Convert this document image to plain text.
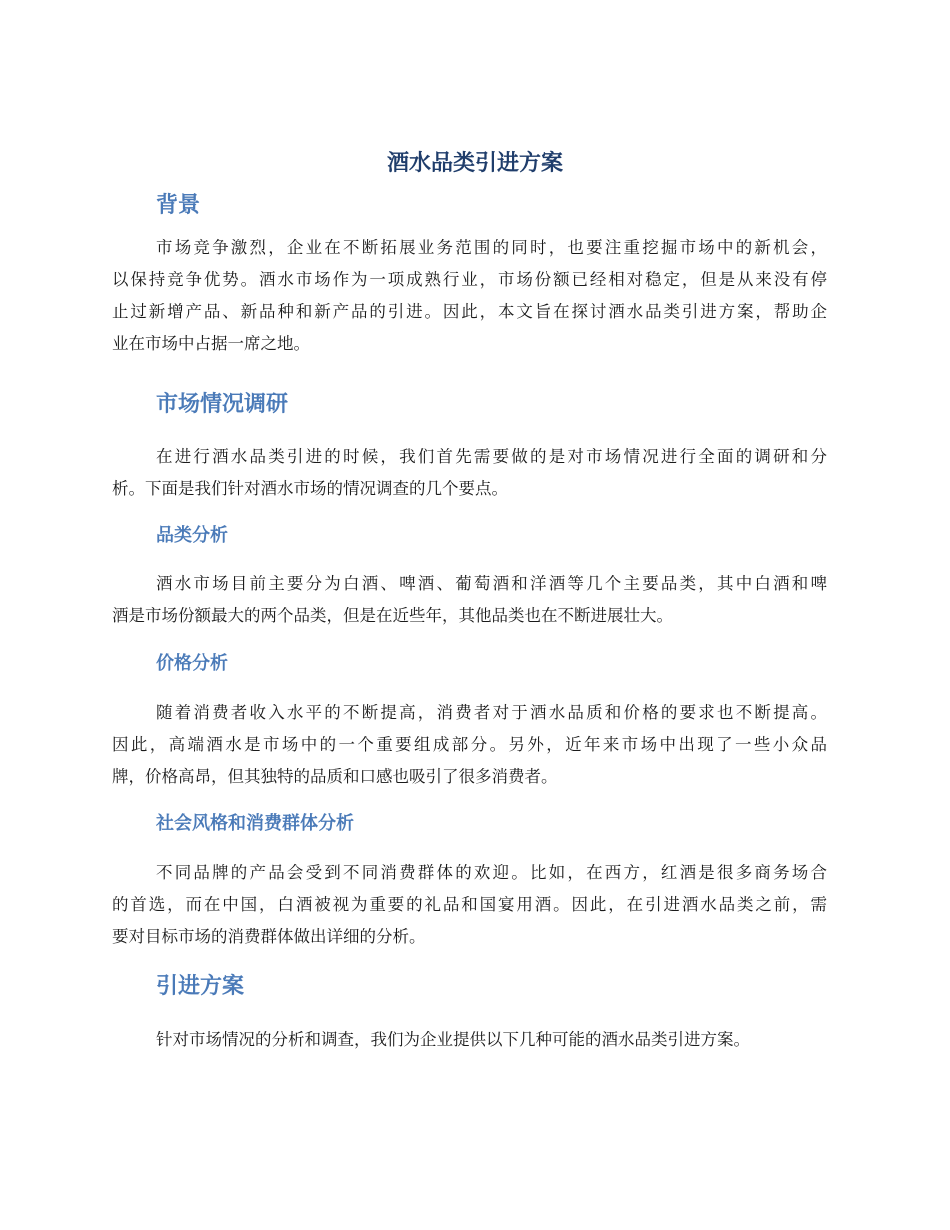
酒水品类引进方案
背景
市场竞争激烈，企业在不断拓展业务范围的同时，也要注重挖掘市场中的新机会，
以保持竞争优势。酒水市场作为一项成熟行业，市场份额已经相对稳定，但是从来没有停
止过新增产品、新品种和新产品的引进。因此，本文旨在探讨酒水品类引进方案，帮助企
业在市场中占据一席之地。
市场情况调研
在进行酒水品类引进的时候，我们首先需要做的是对市场情况进行全面的调研和分
析。下面是我们针对酒水市场的情况调查的几个要点。
品类分析
酒水市场目前主要分为白酒、啤酒、葡萄酒和洋酒等几个主要品类，其中白酒和啤
酒是市场份额最大的两个品类，但是在近些年，其他品类也在不断进展壮大。
价格分析
随着消费者收入水平的不断提高，消费者对于酒水品质和价格的要求也不断提高。
因此，高端酒水是市场中的一个重要组成部分。另外，近年来市场中出现了一些小众品
牌，价格高昂，但其独特的品质和口感也吸引了很多消费者。
社会风格和消费群体分析
不同品牌的产品会受到不同消费群体的欢迎。比如，在西方，红酒是很多商务场合
的首选，而在中国，白酒被视为重要的礼品和国宴用酒。因此，在引进酒水品类之前，需
要对目标市场的消费群体做出详细的分析。
引进方案
针对市场情况的分析和调查，我们为企业提供以下几种可能的酒水品类引进方案。
